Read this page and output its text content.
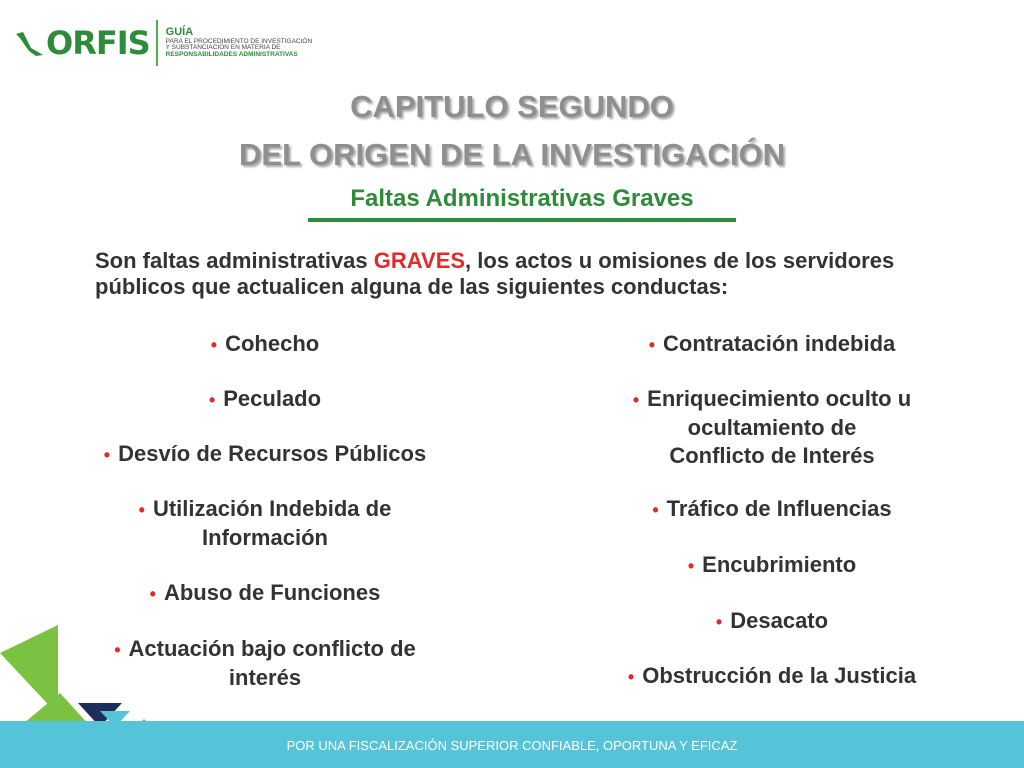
ORFIS GUÍA
PARA EL PROCEDIMIENTO DE INVESTIGACIÓN
Y SUBSTANCIACIÓN EN MATERIA DE
RESPONSABILIDADES ADMINISTRATIVAS
CAPITULO SEGUNDO
DEL ORIGEN DE LA INVESTIGACIÓN
Faltas Administrativas Graves
Son faltas administrativas GRAVES, los actos u omisiones de los servidores públicos que actualicen alguna de las siguientes conductas:
• Cohecho
• Peculado
• Desvío de Recursos Públicos
• Utilización Indebida de
Información
• Abuso de Funciones
• Actuación bajo conflicto de
interés
• Contratación indebida
• Enriquecimiento oculto u
ocultamiento de
Conflicto de Interés
• Tráfico de Influencias
• Encubrimiento
• Desacato
• Obstrucción de la Justicia
POR UNA FISCALIZACIÓN SUPERIOR CONFIABLE, OPORTUNA Y EFICAZ
